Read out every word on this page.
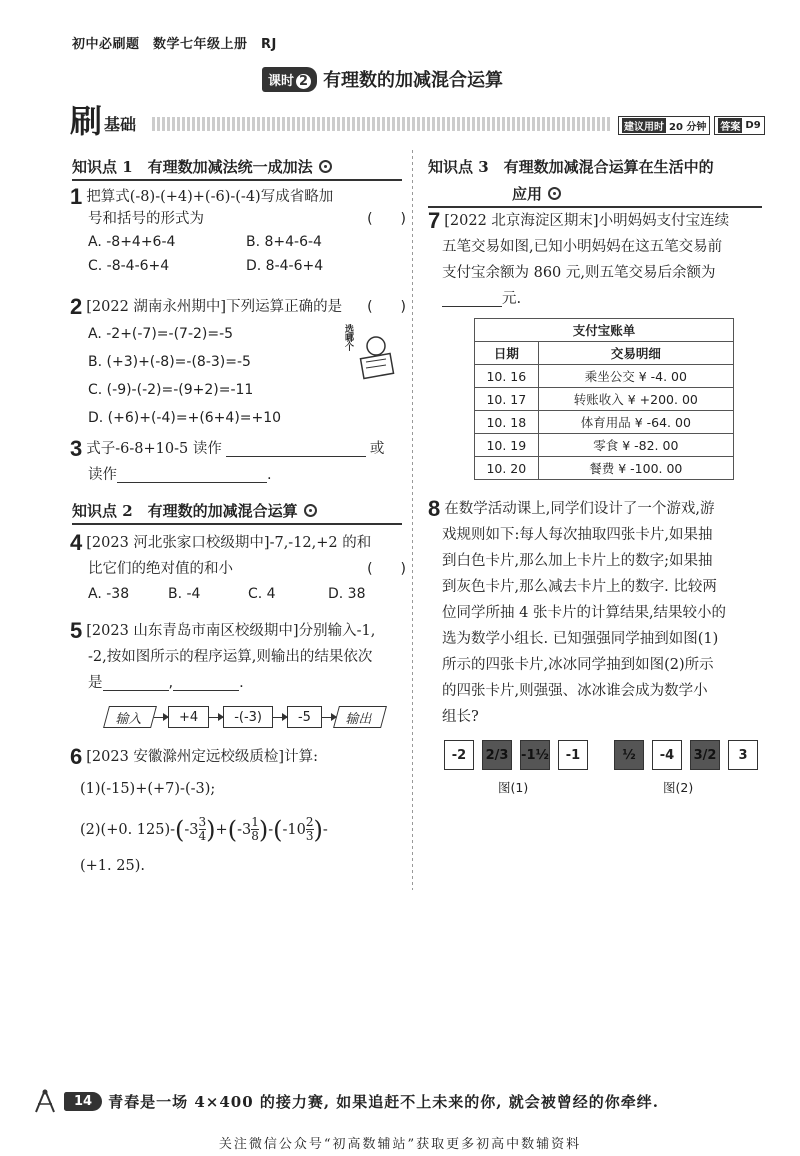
初中必刷题　数学七年级上册　RJ
课时 2 有理数的加减混合运算
刷 基础	建议用时 20 分钟 答案 D9
知识点 1　有理数加减法统一成加法
1 把算式(-8)-(+4)+(-6)-(-4)写成省略加
号和括号的形式为	(　　)
A. -8+4+6-4	B. 8+4-6-4
C. -8-4-6+4	D. 8-4-6+4
2 [2022 湖南永州期中]下列运算正确的是 (　　)
A. -2+(-7)=-(7-2)=-5
B. (+3)+(-8)=-(8-3)=-5
C. (-9)-(-2)=-(9+2)=-11
D. (+6)+(-4)=+(6+4)=+10
选哪个
3 式子-6-8+10-5 读作	或
读作	.
知识点 2　有理数的加减混合运算
4 [2023 河北张家口校级期中]-7,-12,+2 的和
比它们的绝对值的和小	(　　)
A. -38	B. -4	C. 4	D. 38
5 [2023 山东青岛市南区校级期中]分别输入-1,
-2,按如图所示的程序运算,则输出的结果依次
是	,	.
输入	+4	-(-3)	-5	输出
6 [2023 安徽滁州定远校级质检]计算:
(1)(-15)+(+7)-(-3);
(2)(+0. 125)- ( -3 3
4 ) + ( -3 1
8 ) - ( -10 2
3 ) -
(+1. 25).
知识点 3　有理数加减混合运算在生活中的
应用
7 [2022 北京海淀区期末]小明妈妈支付宝连续
五笔交易如图,已知小明妈妈在这五笔交易前
支付宝余额为 860 元,则五笔交易后余额为
元.
支付宝账单	
日期	交易明细
10. 16	乘坐公交 ¥ -4. 00
10. 17	转账收入 ¥ +200. 00
10. 18	体育用品 ¥ -64. 00
10. 19	零食 ¥ -82. 00
10. 20	餐费 ¥ -100. 00
8 在数学活动课上,同学们设计了一个游戏,游
戏规则如下:每人每次抽取四张卡片,如果抽
到白色卡片,那么加上卡片上的数字;如果抽
到灰色卡片,那么减去卡片上的数字. 比较两
位同学所抽 4 张卡片的计算结果,结果较小的
选为数学小组长. 已知强强同学抽到如图(1)
所示的四张卡片,冰冰同学抽到如图(2)所示
的四张卡片,则强强、冰冰谁会成为数学小
组长?
-2	2/3 -1½	-1	½	-4	3/2	3
图(1)	图(2)
14	青春是一场 4×400 的接力赛, 如果追赶不上未来的你, 就会被曾经的你牵绊.
关注微信公众号“初高数辅站”获取更多初高中数辅资料
